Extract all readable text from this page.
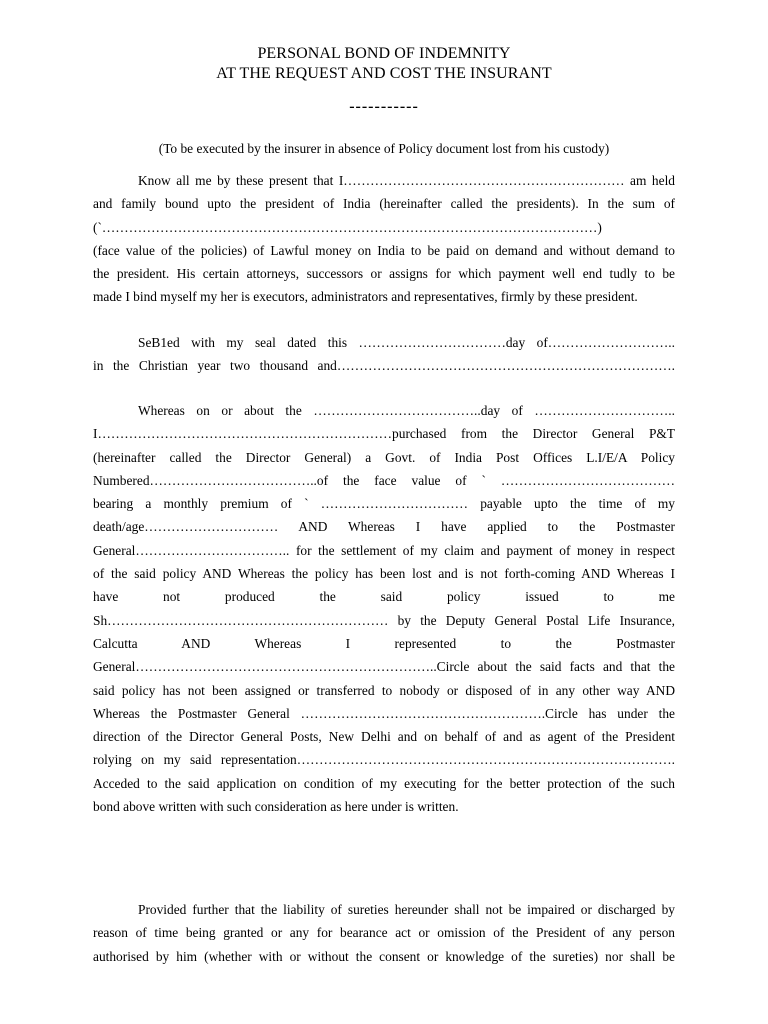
PERSONAL BOND OF INDEMNITY
AT THE REQUEST AND COST THE INSURANT
-----------
(To be executed by the insurer in absence of Policy document lost from his custody)
Know all me by these present that I……………………………………………………… am held
and family bound upto the president of India (hereinafter called the presidents). In the sum of
(`…………………………………………………………………………………………………)
(face value of the policies) of Lawful money on India to be paid on demand and without demand to
the president. His certain attorneys, successors or assigns for which payment well end tudly to be
made I bind myself my her is executors, administrators and representatives, firmly by these president.
SeB1ed with my seal dated this ……………………………day of………………………..
in the Christian year two thousand and………………………………………………………………….
Whereas on or about the ………………………………..day of …………………………..
I…………………………………………………………purchased from the Director General P&T
(hereinafter called the Director General) a Govt. of India Post Offices L.I/E/A Policy
Numbered………………………………..of the face value of ` …………………………………
bearing a monthly premium of ` …………………………… payable upto the time of my
death/age………………………… AND Whereas I have applied to the Postmaster
General…………………………….. for the settlement of my claim and payment of money in respect
of the said policy AND Whereas the policy has been lost and is not forth-coming AND Whereas I
have not produced the said policy issued to me
Sh……………………………………………………… by the Deputy General Postal Life Insurance,
Calcutta AND Whereas I represented to the Postmaster
General…………………………………………………………..Circle about the said facts and that the
said policy has not been assigned or transferred to nobody or disposed of in any other way AND
Whereas the Postmaster General ……………………………………………….Circle has under the
direction of the Director General Posts, New Delhi and on behalf of and as agent of the President
rolying on my said representation………………………………………………………………………….
Acceded to the said application on condition of my executing for the better protection of the such
bond above written with such consideration as here under is written.
Provided further that the liability of sureties hereunder shall not be impaired or discharged by
reason of time being granted or any for bearance act or omission of the President of any person
authorised by him (whether with or without the consent or knowledge of the sureties) nor shall be
